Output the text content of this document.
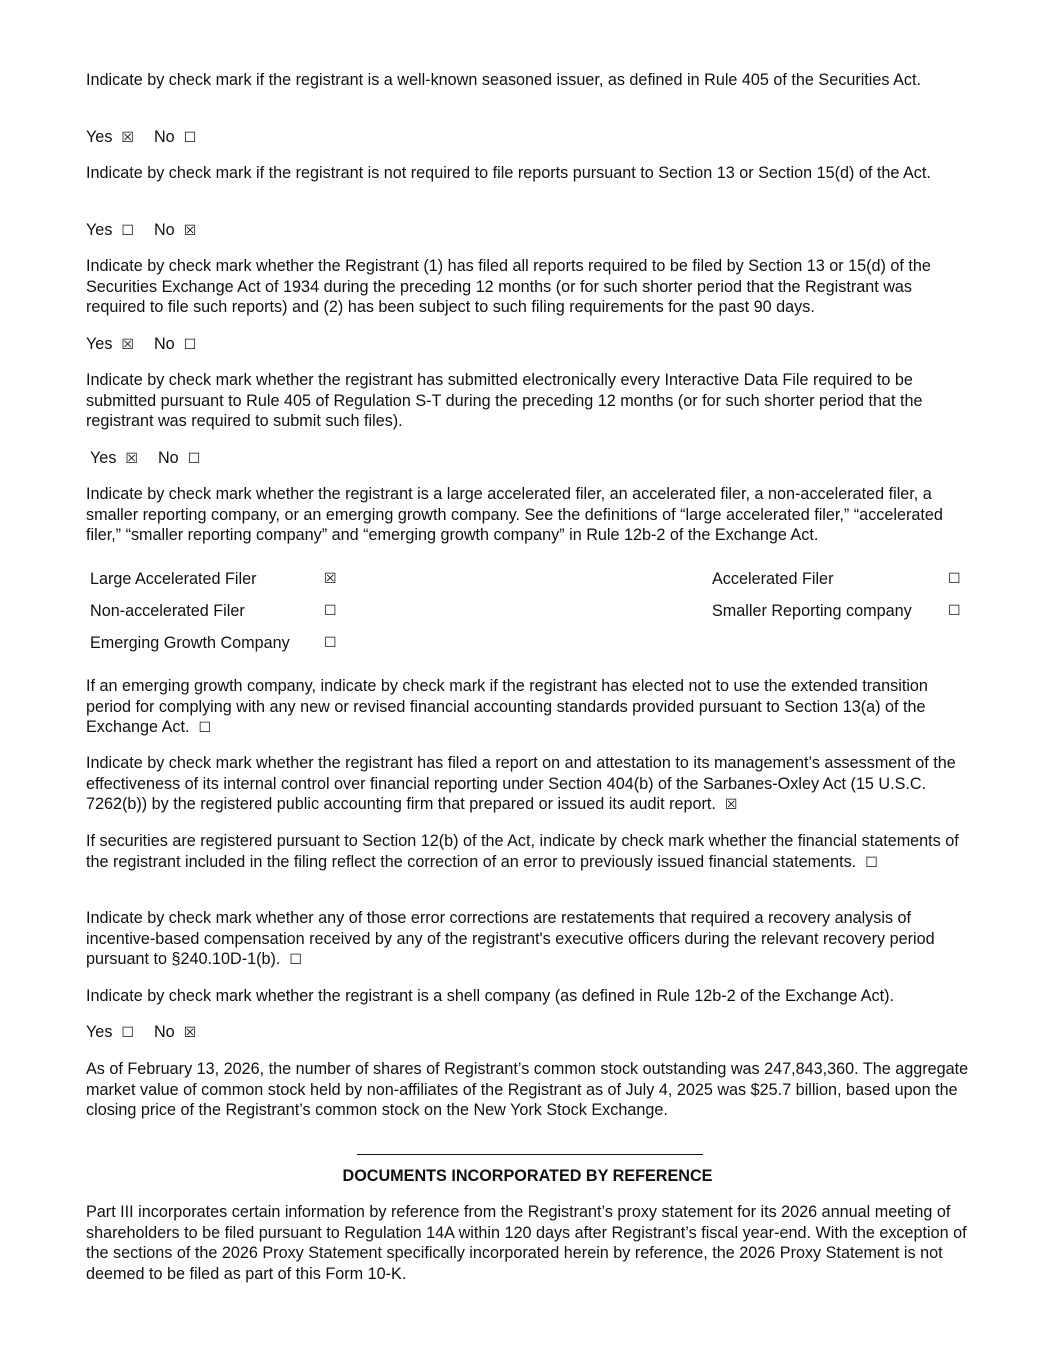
Indicate by check mark if the registrant is a well-known seasoned issuer, as defined in Rule 405 of the Securities Act.

Yes ☒ No ☐

Indicate by check mark if the registrant is not required to file reports pursuant to Section 13 or Section 15(d) of the Act.

Yes ☐ No ☒

Indicate by check mark whether the Registrant (1) has filed all reports required to be filed by Section 13 or 15(d) of the Securities Exchange Act of 1934 during the preceding 12 months (or for such shorter period that the Registrant was required to file such reports) and (2) has been subject to such filing requirements for the past 90 days.

Yes ☒ No ☐

Indicate by check mark whether the registrant has submitted electronically every Interactive Data File required to be submitted pursuant to Rule 405 of Regulation S-T during the preceding 12 months (or for such shorter period that the registrant was required to submit such files).

Yes ☒ No ☐

Indicate by check mark whether the registrant is a large accelerated filer, an accelerated filer, a non-accelerated filer, a smaller reporting company, or an emerging growth company. See the definitions of “large accelerated filer,” “accelerated filer,” “smaller reporting company” and “emerging growth company” in Rule 12b-2 of the Exchange Act.

Large Accelerated Filer	☒	Accelerated Filer	☐
Non-accelerated Filer	☐	Smaller Reporting company	☐
Emerging Growth Company ☐

If an emerging growth company, indicate by check mark if the registrant has elected not to use the extended transition period for complying with any new or revised financial accounting standards provided pursuant to Section 13(a) of the Exchange Act. ☐

Indicate by check mark whether the registrant has filed a report on and attestation to its management’s assessment of the effectiveness of its internal control over financial reporting under Section 404(b) of the Sarbanes-Oxley Act (15 U.S.C. 7262(b)) by the registered public accounting firm that prepared or issued its audit report. ☒

If securities are registered pursuant to Section 12(b) of the Act, indicate by check mark whether the financial statements of the registrant included in the filing reflect the correction of an error to previously issued financial statements. ☐

Indicate by check mark whether any of those error corrections are restatements that required a recovery analysis of incentive-based compensation received by any of the registrant's executive officers during the relevant recovery period pursuant to §240.10D-1(b). ☐

Indicate by check mark whether the registrant is a shell company (as defined in Rule 12b-2 of the Exchange Act).

Yes ☐ No ☒

As of February 13, 2026, the number of shares of Registrant’s common stock outstanding was 247,843,360. The aggregate market value of common stock held by non-affiliates of the Registrant as of July 4, 2025 was $25.7 billion, based upon the closing price of the Registrant’s common stock on the New York Stock Exchange.

DOCUMENTS INCORPORATED BY REFERENCE

Part III incorporates certain information by reference from the Registrant’s proxy statement for its 2026 annual meeting of shareholders to be filed pursuant to Regulation 14A within 120 days after Registrant’s fiscal year-end. With the exception of the sections of the 2026 Proxy Statement specifically incorporated herein by reference, the 2026 Proxy Statement is not deemed to be filed as part of this Form 10-K.
